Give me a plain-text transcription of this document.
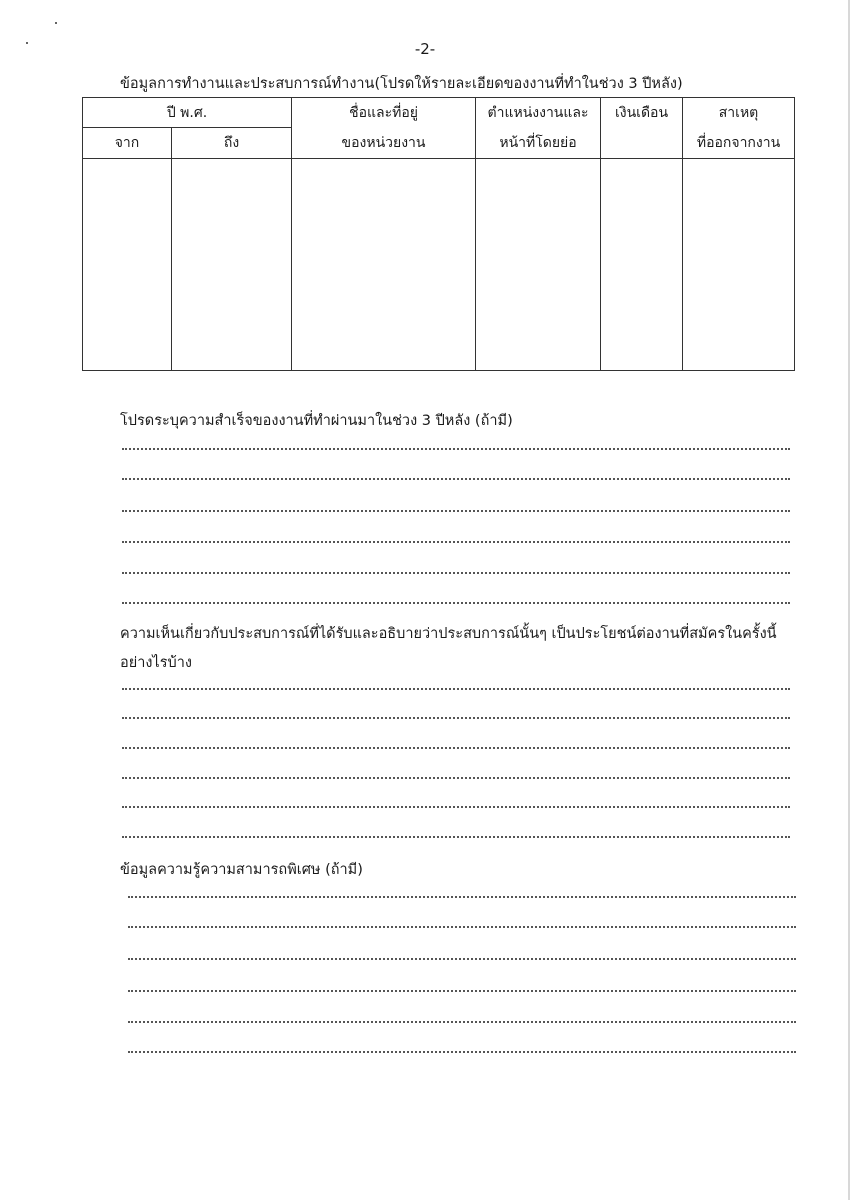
-2-
ข้อมูลการทำงานและประสบการณ์ทำงาน(โปรดให้รายละเอียดของงานที่ทำในช่วง 3 ปีหลัง)
ปี พ.ศ.		ชื่อและที่อยู่	ตำแหน่งงานและ	เงินเดือน	สาเหตุ
จาก	ถึง	ของหน่วยงาน	หน้าที่โดยย่อ		ที่ออกจากงาน

โปรดระบุความสำเร็จของงานที่ทำผ่านมาในช่วง 3 ปีหลัง (ถ้ามี)
ความเห็นเกี่ยวกับประสบการณ์ที่ได้รับและอธิบายว่าประสบการณ์นั้นๆ เป็นประโยชน์ต่องานที่สมัครในครั้งนี้
อย่างไรบ้าง
ข้อมูลความรู้ความสามารถพิเศษ (ถ้ามี)
